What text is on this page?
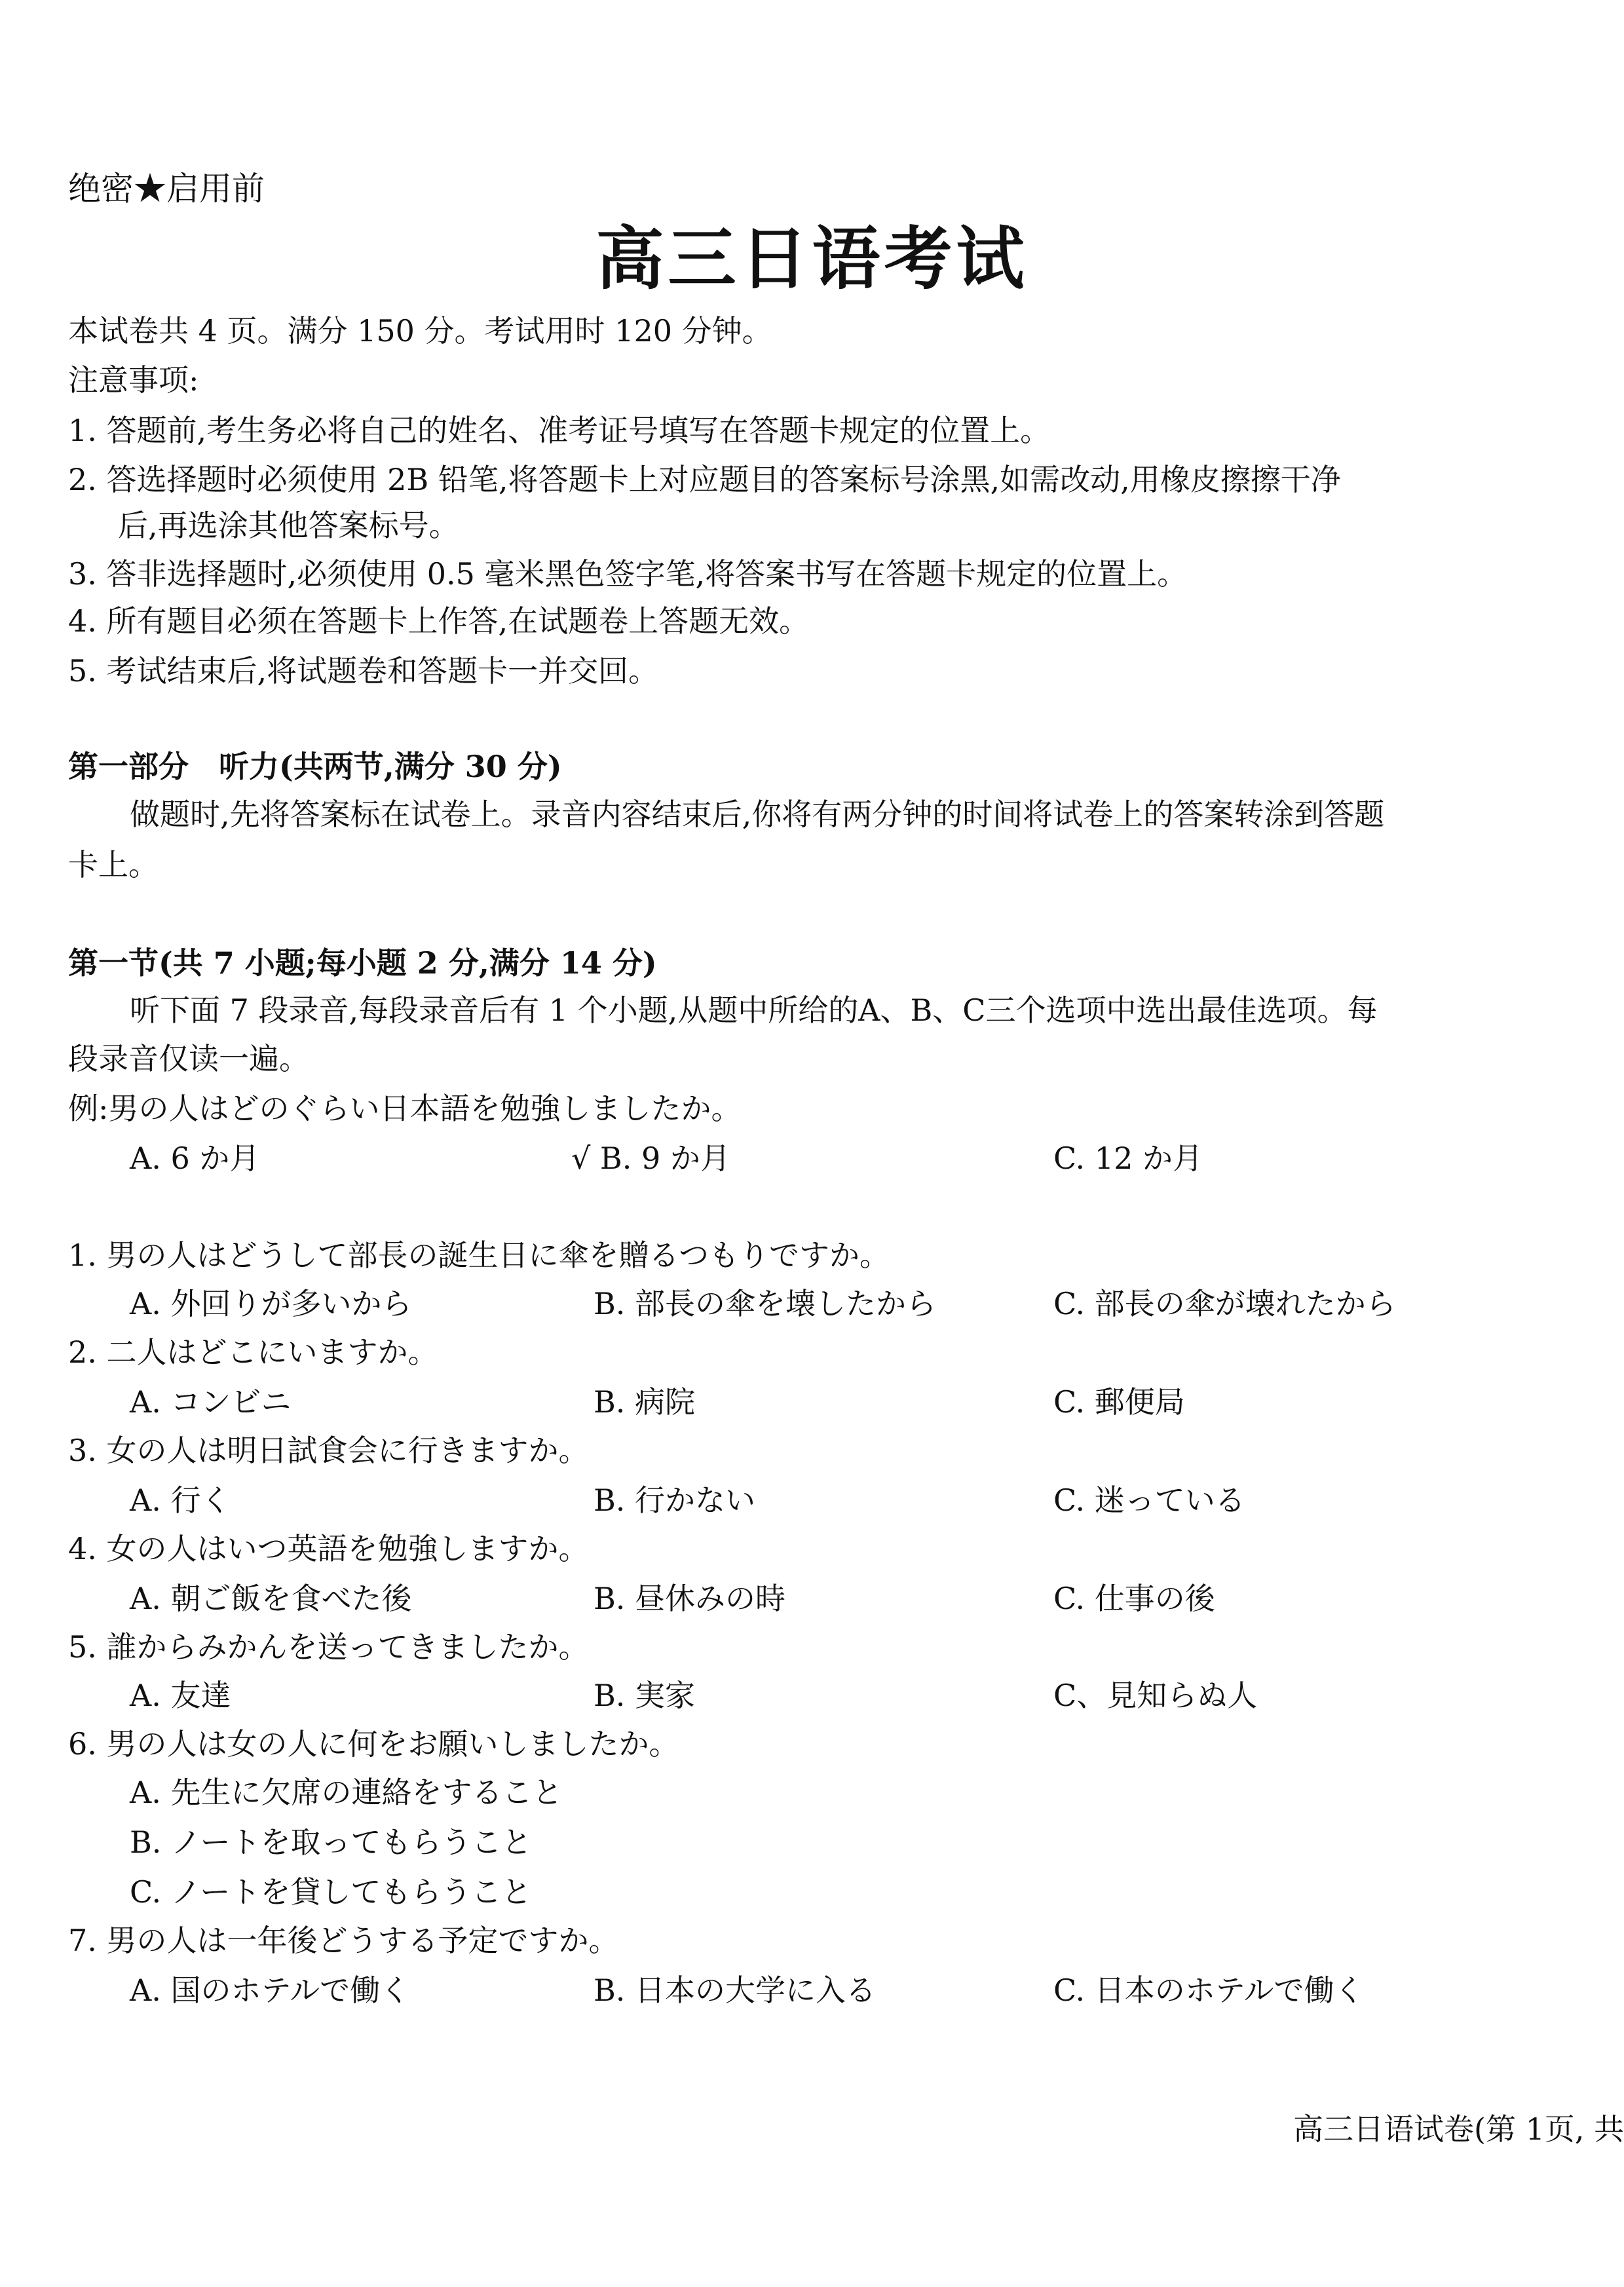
绝密★启用前
高三日语考试
本试卷共 4 页。满分 150 分。考试用时 120 分钟。
注意事项:
1. 答题前,考生务必将自己的姓名、准考证号填写在答题卡规定的位置上。
2. 答选择题时必须使用 2B 铅笔,将答题卡上对应题目的答案标号涂黑,如需改动,用橡皮擦擦干净
后,再选涂其他答案标号。
3. 答非选择题时,必须使用 0.5 毫米黑色签字笔,将答案书写在答题卡规定的位置上。
4. 所有题目必须在答题卡上作答,在试题卷上答题无效。
5. 考试结束后,将试题卷和答题卡一并交回。
第一部分　听力(共两节,满分 30 分)
做题时,先将答案标在试卷上。录音内容结束后,你将有两分钟的时间将试卷上的答案转涂到答题
卡上。
第一节(共 7 小题;每小题 2 分,满分 14 分)
听下面 7 段录音,每段录音后有 1 个小题,从题中所给的A、B、C三个选项中选出最佳选项。每
段录音仅读一遍。
例:男の人はどのぐらい日本語を勉強しましたか。
A. 6 か月	√ B. 9 か月	C. 12 か月
1. 男の人はどうして部長の誕生日に傘を贈るつもりですか。
A. 外回りが多いから	B. 部長の傘を壊したから	C. 部長の傘が壊れたから
2. 二人はどこにいますか。
A. コンビニ	B. 病院	C. 郵便局
3. 女の人は明日試食会に行きますか。
A. 行く	B. 行かない	C. 迷っている
4. 女の人はいつ英語を勉強しますか。
A. 朝ご飯を食べた後	B. 昼休みの時	C. 仕事の後
5. 誰からみかんを送ってきましたか。
A. 友達	B. 実家	C、見知らぬ人
6. 男の人は女の人に何をお願いしましたか。
A. 先生に欠席の連絡をすること
B. ノートを取ってもらうこと
C. ノートを貸してもらうこと
7. 男の人は一年後どうする予定ですか。
A. 国のホテルで働く	B. 日本の大学に入る	C. 日本のホテルで働く
高三日语试卷(第 1页, 共
